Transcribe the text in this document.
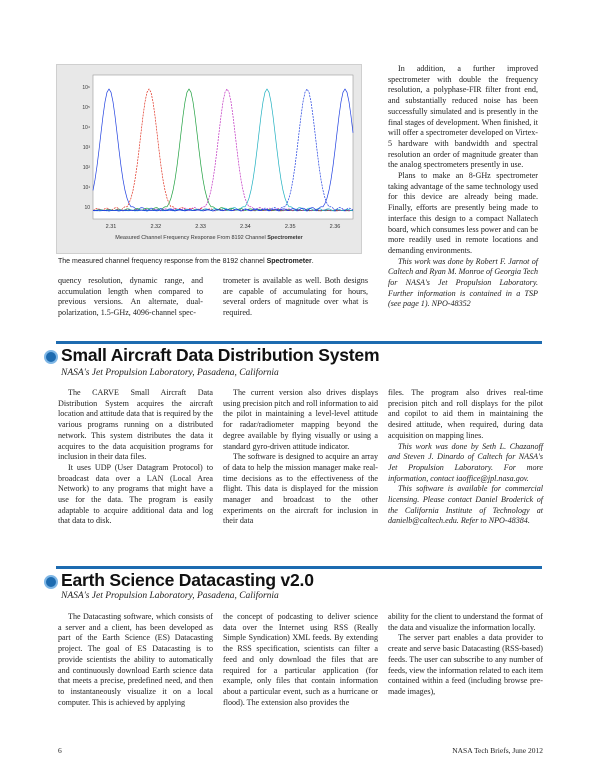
10⁶
10⁵
10⁴
10³
10²
10¹
10
2.31	2.32	2.33	2.34	2.35	2.36
Measured Channel Frequency Response From 8192 Channel Spectrometer
The measured channel frequency response from the 8192 channel Spectrometer.

quency resolution, dynamic range, and accumulation length when compared to previous versions. An alternate, dual-polarization, 1.5-GHz, 4096-channel spec-

trometer is available as well. Both designs are capable of accumulating for hours, several orders of magnitude over what is required.

In addition, a further improved spectrometer with double the frequency resolution, a polyphase-FIR filter front end, and substantially reduced noise has been successfully simulated and is presently in the final stages of development. When finished, it will offer a spectrometer developed on Virtex-5 hardware with bandwidth and spectral resolution an order of magnitude greater than the analog spectrometers presently in use.

Plans to make an 8-GHz spectrometer taking advantage of the same technology used for this device are already being made. Finally, efforts are presently being made to interface this design to a compact Nallatech board, which consumes less power and can be more readily used in remote locations and demanding environments.

This work was done by Robert F. Jarnot of Caltech and Ryan M. Monroe of Georgia Tech for NASA's Jet Propulsion Laboratory. Further information is contained in a TSP (see page 1). NPO-48352

Small Aircraft Data Distribution System
NASA's Jet Propulsion Laboratory, Pasadena, California

The CARVE Small Aircraft Data Distribution System acquires the aircraft location and attitude data that is required by the various programs running on a distributed network. This system distributes the data it acquires to the data acquisition programs for inclusion in their data files.

It uses UDP (User Datagram Protocol) to broadcast data over a LAN (Local Area Network) to any programs that might have a use for the data. The program is easily adaptable to acquire additional data and log that data to disk.

The current version also drives displays using precision pitch and roll information to aid the pilot in maintaining a level-level attitude for radar/radiometer mapping beyond the degree available by flying visually or using a standard gyro-driven attitude indicator.

The software is designed to acquire an array of data to help the mission manager make real-time decisions as to the effectiveness of the flight. This data is displayed for the mission manager and broadcast to the other experiments on the aircraft for inclusion in their data

files. The program also drives real-time precision pitch and roll displays for the pilot and copilot to aid them in maintaining the desired attitude, when required, during data acquisition on mapping lines.

This work was done by Seth L. Chazanoff and Steven J. Dinardo of Caltech for NASA's Jet Propulsion Laboratory. For more information, contact iaoffice@jpl.nasa.gov.

This software is available for commercial licensing. Please contact Daniel Broderick of the California Institute of Technology at danielb@caltech.edu. Refer to NPO-48384.

Earth Science Datacasting v2.0
NASA's Jet Propulsion Laboratory, Pasadena, California

The Datacasting software, which consists of a server and a client, has been developed as part of the Earth Science (ES) Datacasting project. The goal of ES Datacasting is to provide scientists the ability to automatically and continuously download Earth science data that meets a precise, predefined need, and then to instantaneously visualize it on a local computer. This is achieved by applying

the concept of podcasting to deliver science data over the Internet using RSS (Really Simple Syndication) XML feeds. By extending the RSS specification, scientists can filter a feed and only download the files that are required for a particular application (for example, only files that contain information about a particular event, such as a hurricane or flood). The extension also provides the

ability for the client to understand the format of the data and visualize the information locally.

The server part enables a data provider to create and serve basic Datacasting (RSS-based) feeds. The user can subscribe to any number of feeds, view the information related to each item contained within a feed (including browse pre-made images),

6	NASA Tech Briefs, June 2012
